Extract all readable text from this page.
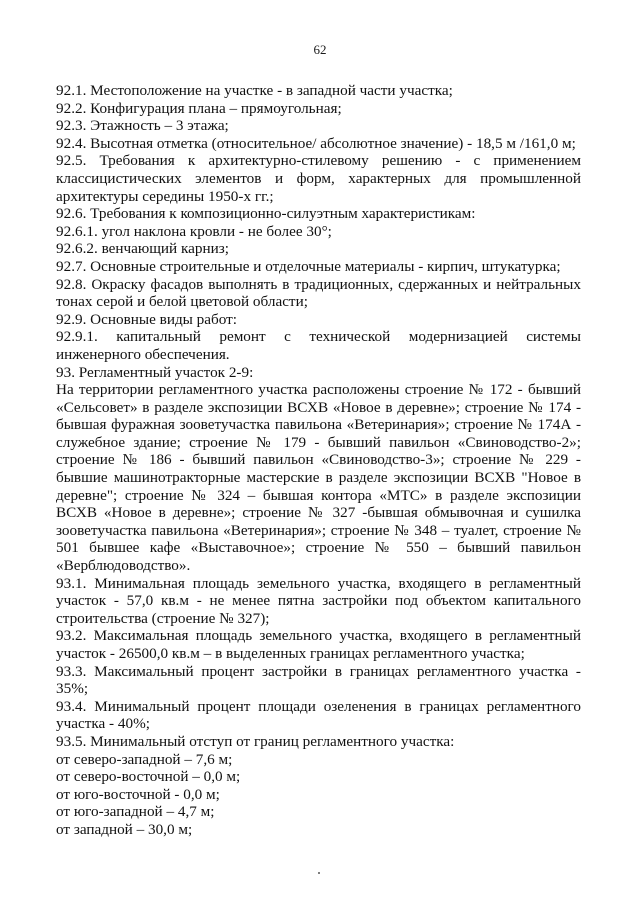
62

92.1. Местоположение на участке - в западной части участка;

92.2. Конфигурация плана – прямоугольная;

92.3. Этажность – 3 этажа;

92.4. Высотная отметка (относительное/ абсолютное значение) - 18,5 м /161,0 м;

92.5. Требования к архитектурно-стилевому решению - с применением классицистических элементов и форм, характерных для промышленной архитектуры середины 1950-х гг.;

92.6. Требования к композиционно-силуэтным характеристикам:

92.6.1. угол наклона кровли - не более 30°;

92.6.2. венчающий карниз;

92.7. Основные строительные и отделочные материалы - кирпич, штукатурка;

92.8. Окраску фасадов выполнять в традиционных, сдержанных и нейтральных тонах серой и белой цветовой области;

92.9. Основные виды работ:

92.9.1. капитальный ремонт с технической модернизацией системы инженерного обеспечения.

93. Регламентный участок 2-9:

На территории регламентного участка расположены строение № 172 - бывший «Сельсовет» в разделе экспозиции ВСХВ «Новое в деревне»; строение № 174 - бывшая фуражная зооветучастка павильона «Ветеринария»; строение № 174А - служебное здание; строение № 179 - бывший павильон «Свиноводство-2»; строение № 186 - бывший павильон «Свиноводство-3»; строение № 229 - бывшие машинотракторные мастерские в разделе экспозиции ВСХВ "Новое в деревне"; строение № 324 – бывшая контора «МТС» в разделе экспозиции ВСХВ «Новое в деревне»; строение № 327 -бывшая обмывочная и сушилка зооветучастка павильона «Ветеринария»; строение № 348 – туалет, строение № 501 бывшее кафе «Выставочное»; строение № 550 – бывший павильон «Верблюдоводство».

93.1. Минимальная площадь земельного участка, входящего в регламентный участок - 57,0 кв.м - не менее пятна застройки под объектом капитального строительства (строение № 327);

93.2. Максимальная площадь земельного участка, входящего в регламентный участок - 26500,0 кв.м – в выделенных границах регламентного участка;

93.3. Максимальный процент застройки в границах регламентного участка - 35%;

93.4. Минимальный процент площади озеленения в границах регламентного участка - 40%;

93.5. Минимальный отступ от границ регламентного участка:

от северо-западной – 7,6 м;

от северо-восточной – 0,0 м;

от юго-восточной - 0,0 м;

от юго-западной – 4,7 м;

от западной – 30,0 м;
